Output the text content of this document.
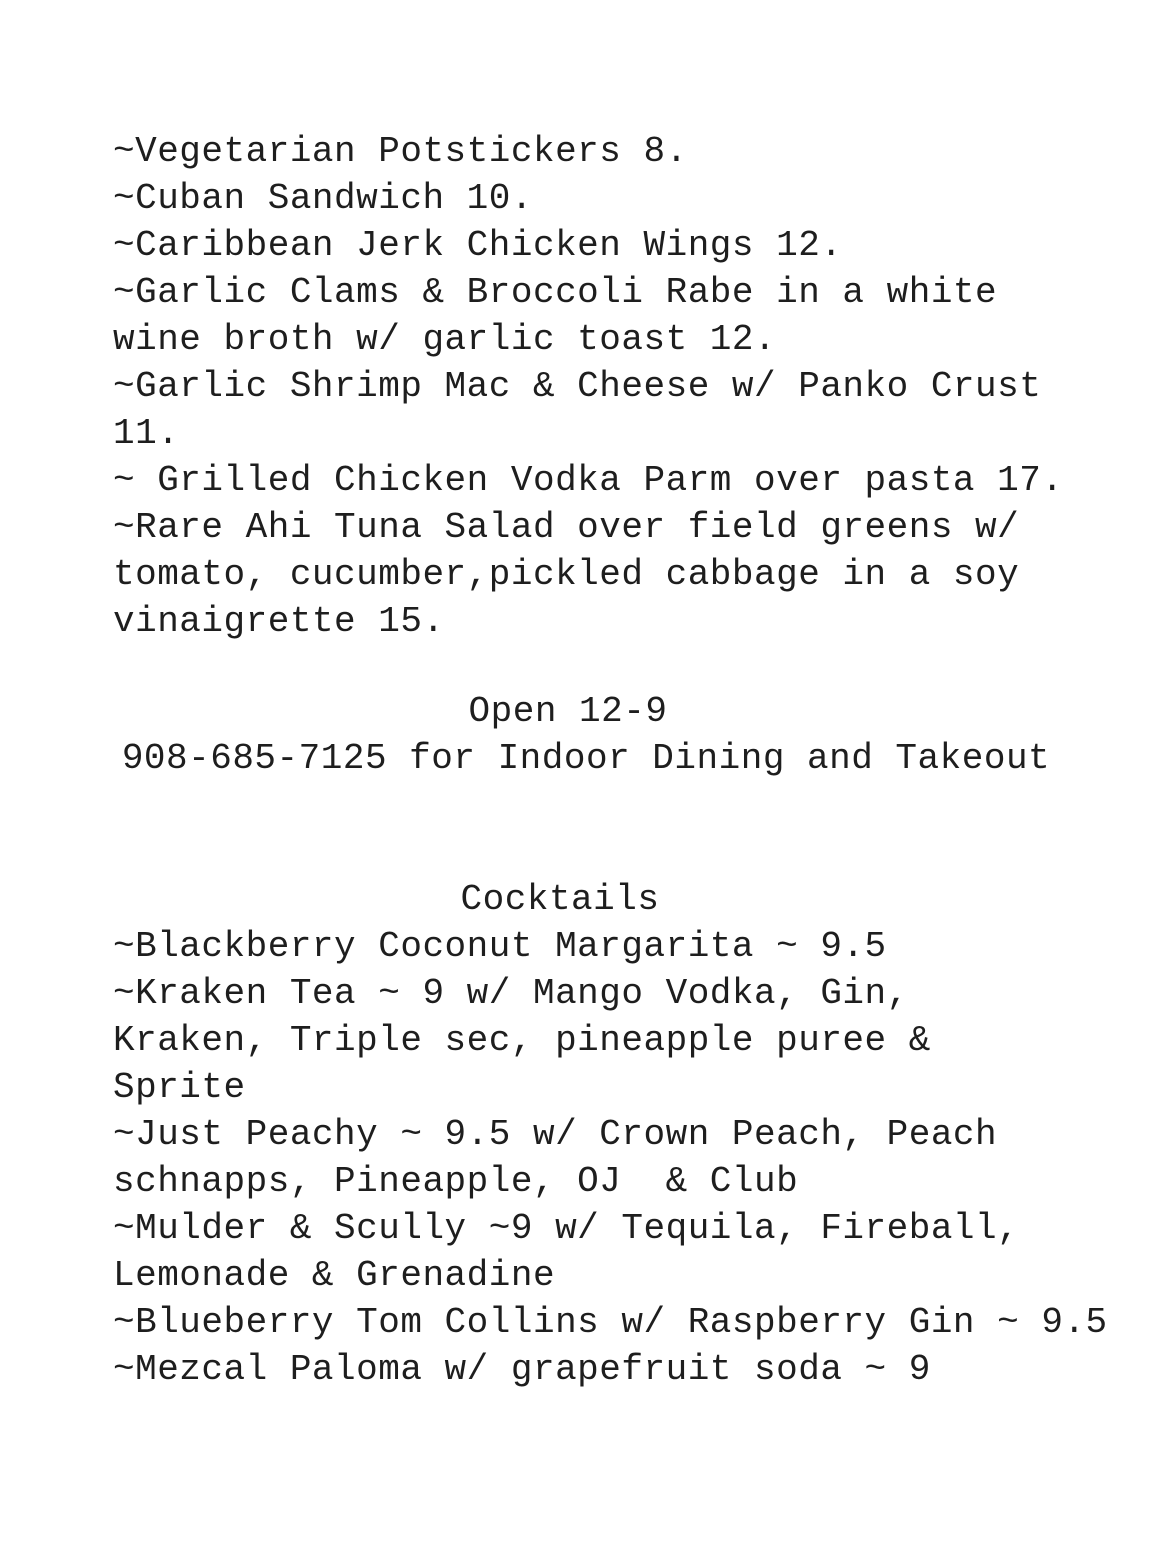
~Vegetarian Potstickers 8.
~Cuban Sandwich 10.
~Caribbean Jerk Chicken Wings 12.
~Garlic Clams & Broccoli Rabe in a white
wine broth w/ garlic toast 12.
~Garlic Shrimp Mac & Cheese w/ Panko Crust
11.
~ Grilled Chicken Vodka Parm over pasta 17.
~Rare Ahi Tuna Salad over field greens w/
tomato, cucumber,pickled cabbage in a soy
vinaigrette 15.
Open 12-9
908-685-7125 for Indoor Dining and Takeout
Cocktails
~Blackberry Coconut Margarita ~ 9.5
~Kraken Tea ~ 9 w/ Mango Vodka, Gin,
Kraken, Triple sec, pineapple puree &
Sprite
~Just Peachy ~ 9.5 w/ Crown Peach, Peach
schnapps, Pineapple, OJ  & Club
~Mulder & Scully ~9 w/ Tequila, Fireball,
Lemonade & Grenadine
~Blueberry Tom Collins w/ Raspberry Gin ~ 9.5
~Mezcal Paloma w/ grapefruit soda ~ 9
